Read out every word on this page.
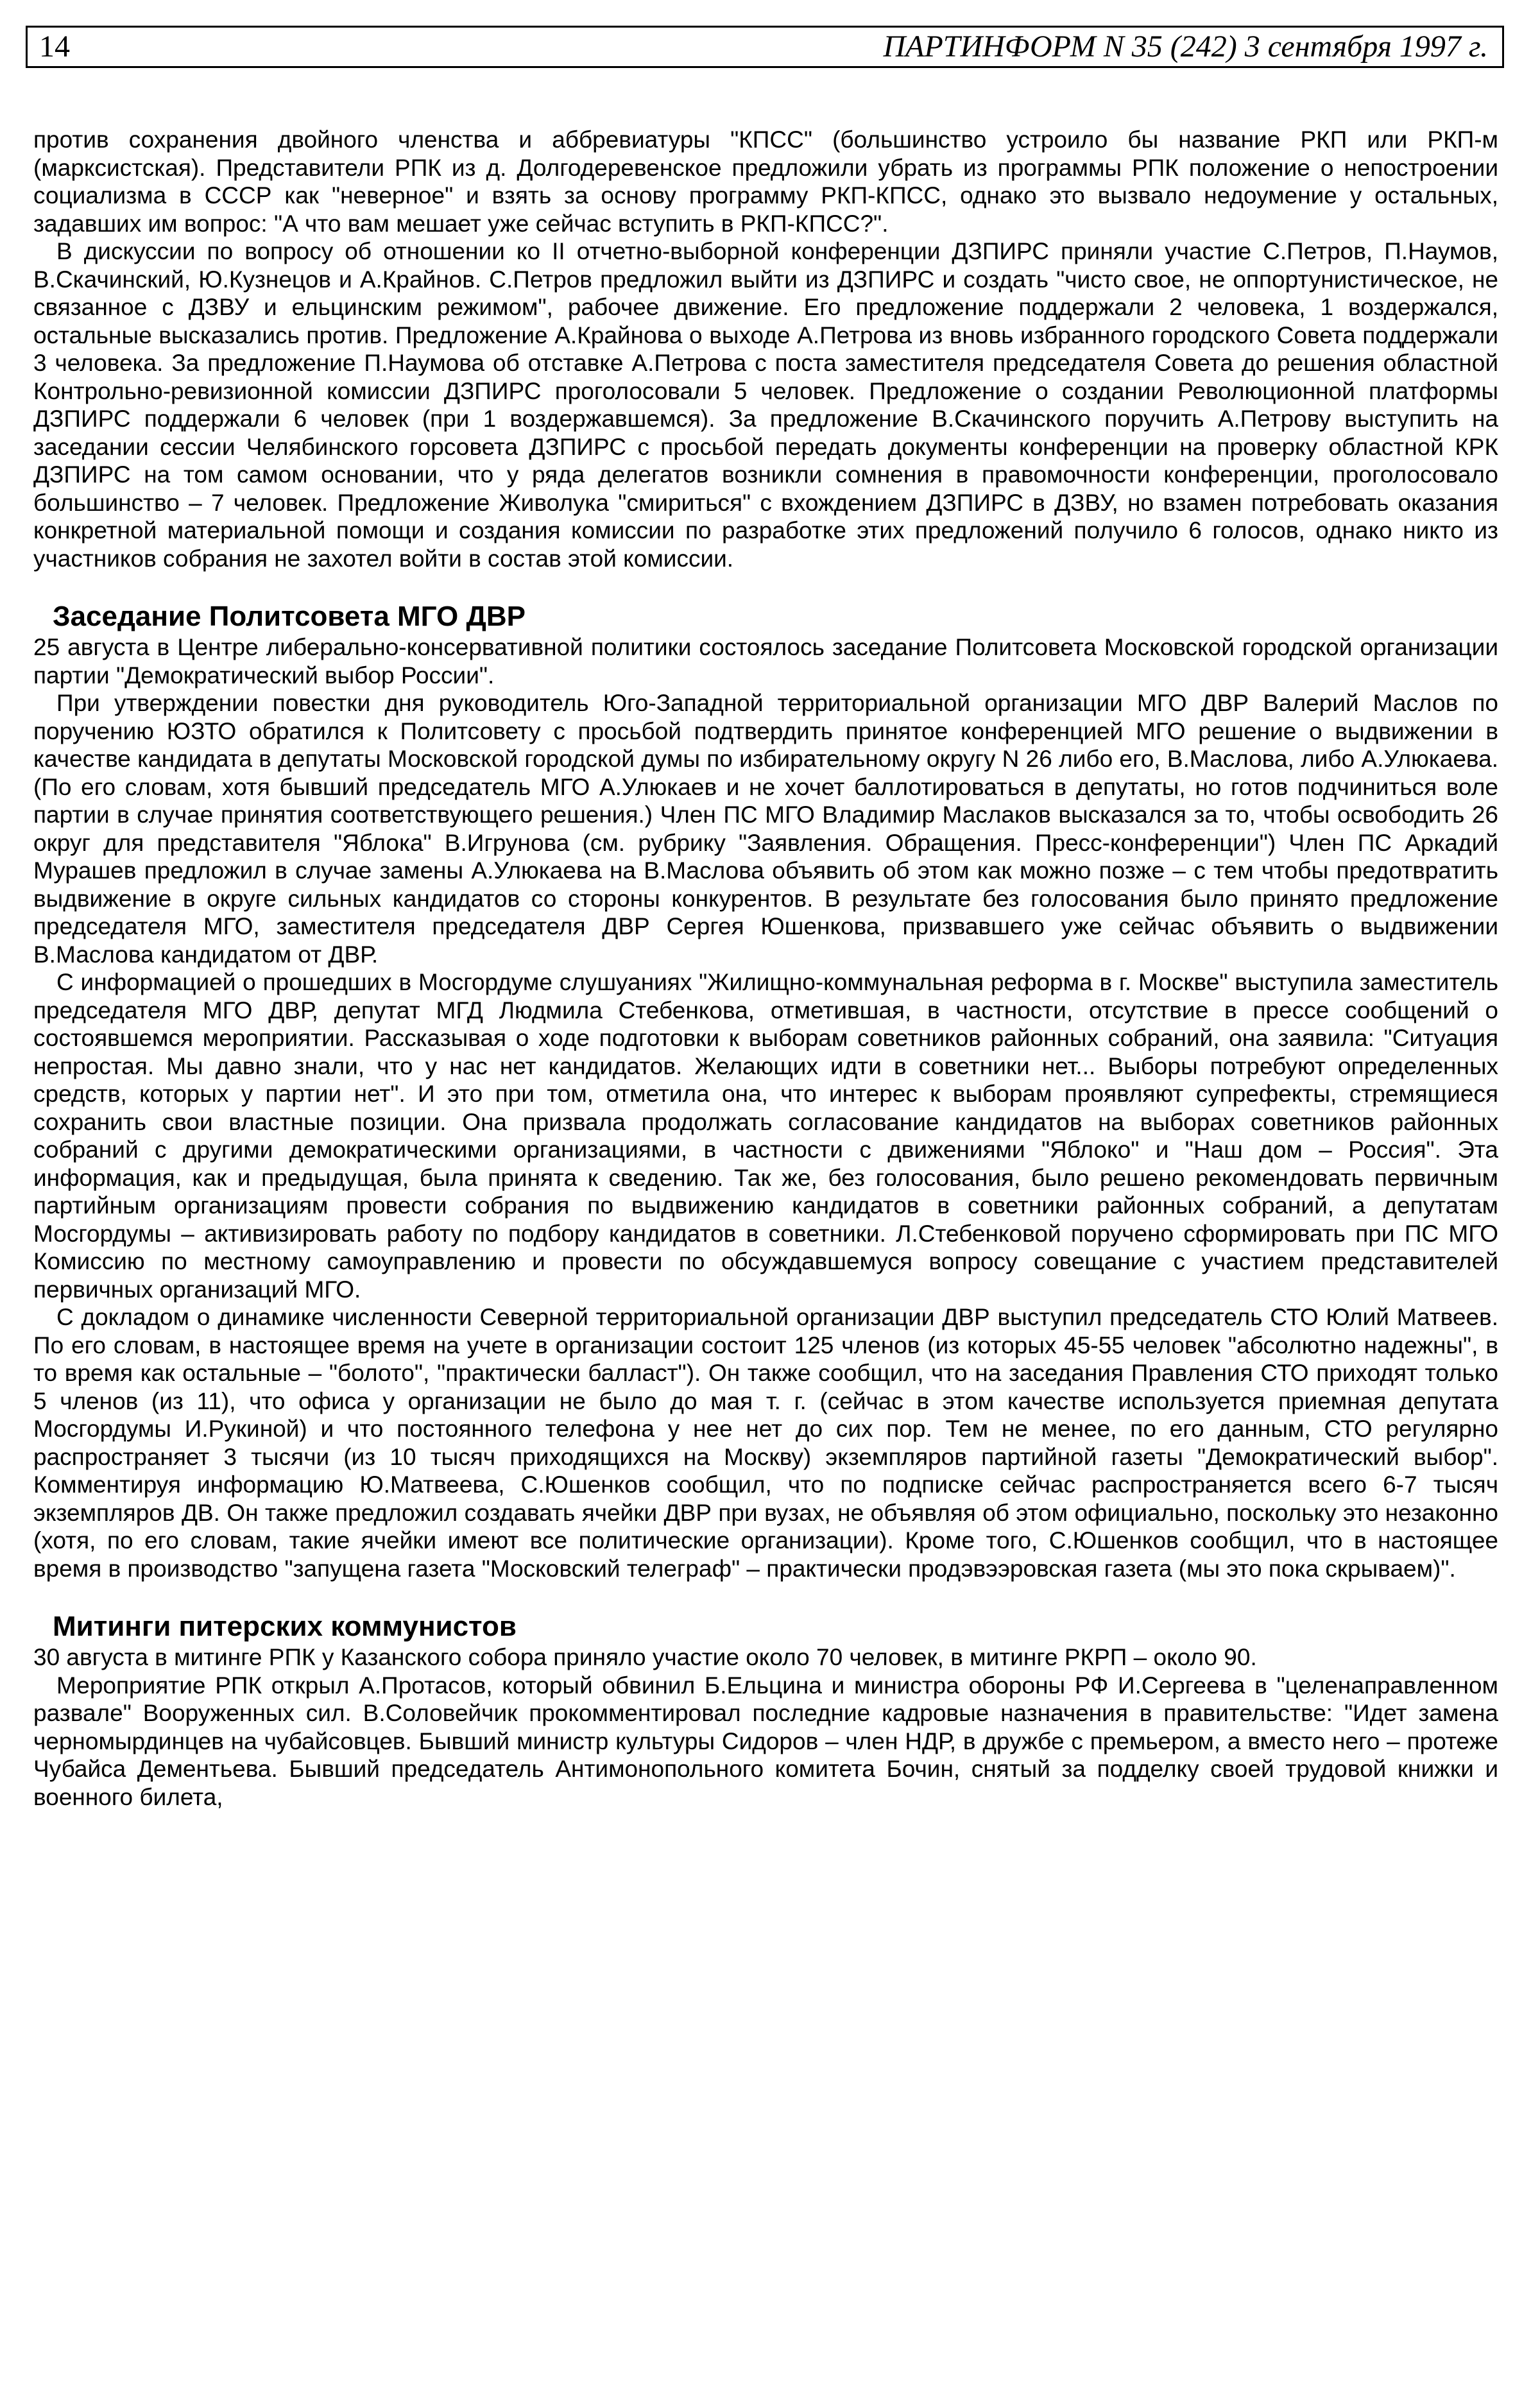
14	ПАРТИНФОРМ N 35 (242) 3 сентября 1997 г.

против сохранения двойного членства и аббревиатуры "КПСС" (большинство устроило бы название РКП или РКП-м (марксистская). Представители РПК из д. Долгодеревенское предложили убрать из программы РПК положение о непостроении социализма в СССР как "неверное" и взять за основу программу РКП-КПСС, однако это вызвало недоумение у остальных, задавших им вопрос: "А что вам мешает уже сейчас вступить в РКП-КПСС?".

В дискуссии по вопросу об отношении ко II отчетно-выборной конференции ДЗПИРС приняли участие С.Петров, П.Наумов, В.Скачинский, Ю.Кузнецов и А.Крайнов. С.Петров предложил выйти из ДЗПИРС и создать "чисто свое, не оппортунистическое, не связанное с ДЗВУ и ельцинским режимом", рабочее движение. Его предложение поддержали 2 человека, 1 воздержался, остальные высказались против. Предложение А.Крайнова о выходе А.Петрова из вновь избранного городского Совета поддержали 3 человека. За предложение П.Наумова об отставке А.Петрова с поста заместителя председателя Совета до решения областной Контрольно-ревизионной комиссии ДЗПИРС проголосовали 5 человек. Предложение о создании Революционной платформы ДЗПИРС поддержали 6 человек (при 1 воздержавшемся). За предложение В.Скачинского поручить А.Петрову выступить на заседании сессии Челябинского горсовета ДЗПИРС с просьбой передать документы конференции на проверку областной КРК ДЗПИРС на том самом основании, что у ряда делегатов возникли сомнения в правомочности конференции, проголосовало большинство – 7 человек. Предложение Живолука "смириться" с вхождением ДЗПИРС в ДЗВУ, но взамен потребовать оказания конкретной материальной помощи и создания комиссии по разработке этих предложений получило 6 голосов, однако никто из участников собрания не захотел войти в состав этой комиссии.

Заседание Политсовета МГО ДВР

25 августа в Центре либерально-консервативной политики состоялось заседание Политсовета Московской городской организации партии "Демократический выбор России".

При утверждении повестки дня руководитель Юго-Западной территориальной организации МГО ДВР Валерий Маслов по поручению ЮЗТО обратился к Политсовету с просьбой подтвердить принятое конференцией МГО решение о выдвижении в качестве кандидата в депутаты Московской городской думы по избирательному округу N 26 либо его, В.Маслова, либо А.Улюкаева. (По его словам, хотя бывший председатель МГО А.Улюкаев и не хочет баллотироваться в депутаты, но готов подчиниться воле партии в случае принятия соответствующего решения.) Член ПС МГО Владимир Маслаков высказался за то, чтобы освободить 26 округ для представителя "Яблока" В.Игрунова (см. рубрику "Заявления. Обращения. Пресс-конференции") Член ПС Аркадий Мурашев предложил в случае замены А.Улюкаева на В.Маслова объявить об этом как можно позже – с тем чтобы предотвратить выдвижение в округе сильных кандидатов со стороны конкурентов. В результате без голосования было принято предложение председателя МГО, заместителя председателя ДВР Сергея Юшенкова, призвавшего уже сейчас объявить о выдвижении В.Маслова кандидатом от ДВР.

С информацией о прошедших в Мосгордуме слушуаниях "Жилищно-коммунальная реформа в г. Москве" выступила заместитель председателя МГО ДВР, депутат МГД Людмила Стебенкова, отметившая, в частности, отсутствие в прессе сообщений о состоявшемся мероприятии. Рассказывая о ходе подготовки к выборам советников районных собраний, она заявила: "Ситуация непростая. Мы давно знали, что у нас нет кандидатов. Желающих идти в советники нет... Выборы потребуют определенных средств, которых у партии нет". И это при том, отметила она, что интерес к выборам проявляют супрефекты, стремящиеся сохранить свои властные позиции. Она призвала продолжать согласование кандидатов на выборах советников районных собраний с другими демократическими организациями, в частности с движениями "Яблоко" и "Наш дом – Россия". Эта информация, как и предыдущая, была принята к сведению. Так же, без голосования, было решено рекомендовать первичным партийным организациям провести собрания по выдвижению кандидатов в советники районных собраний, а депутатам Мосгордумы – активизировать работу по подбору кандидатов в советники. Л.Стебенковой поручено сформировать при ПС МГО Комиссию по местному самоуправлению и провести по обсуждавшемуся вопросу совещание с участием представителей первичных организаций МГО.

С докладом о динамике численности Северной территориальной организации ДВР выступил председатель СТО Юлий Матвеев. По его словам, в настоящее время на учете в организации состоит 125 членов (из которых 45-55 человек "абсолютно надежны", в то время как остальные – "болото", "практически балласт"). Он также сообщил, что на заседания Правления СТО приходят только 5 членов (из 11), что офиса у организации не было до мая т. г. (сейчас в этом качестве используется приемная депутата Мосгордумы И.Рукиной) и что постоянного телефона у нее нет до сих пор. Тем не менее, по его данным, СТО регулярно распространяет 3 тысячи (из 10 тысяч приходящихся на Москву) экземпляров партийной газеты "Демократический выбор". Комментируя информацию Ю.Матвеева, С.Юшенков сообщил, что по подписке сейчас распространяется всего 6-7 тысяч экземпляров ДВ. Он также предложил создавать ячейки ДВР при вузах, не объявляя об этом официально, поскольку это незаконно (хотя, по его словам, такие ячейки имеют все политические организации). Кроме того, С.Юшенков сообщил, что в настоящее время в производство "запущена газета "Московский телеграф" – практически продэвээровская газета (мы это пока скрываем)".

Митинги питерских коммунистов

30 августа в митинге РПК у Казанского собора приняло участие около 70 человек, в митинге РКРП – около 90.

Мероприятие РПК открыл А.Протасов, который обвинил Б.Ельцина и министра обороны РФ И.Сергеева в "целенаправленном развале" Вооруженных сил. В.Соловейчик прокомментировал последние кадровые назначения в правительстве: "Идет замена черномырдинцев на чубайсовцев. Бывший министр культуры Сидоров – член НДР, в дружбе с премьером, а вместо него – протеже Чубайса Дементьева. Бывший председатель Антимонопольного комитета Бочин, снятый за подделку своей трудовой книжки и военного билета,
